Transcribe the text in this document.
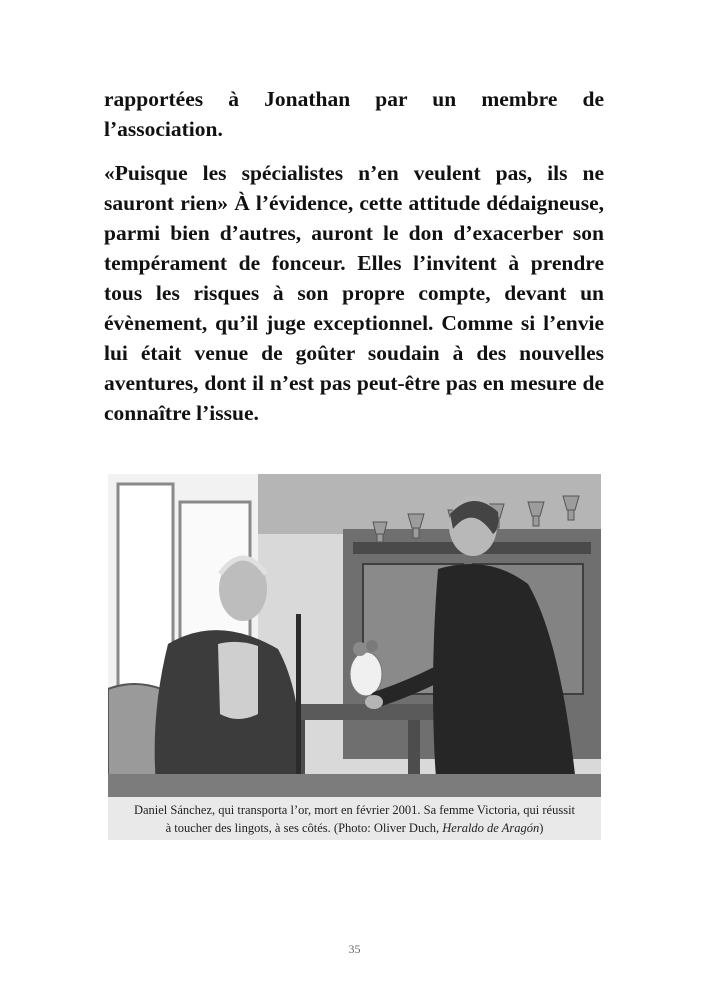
rapportées à Jonathan par un membre de l’association.

«Puisque les spécialistes n’en veulent pas, ils ne sauront rien» À l’évidence, cette attitude dédaigneuse, parmi bien d’autres, auront le don d’exacerber son tempérament de fonceur. Elles l’invitent à prendre tous les risques à son propre compte, devant un évènement, qu’il juge exceptionnel. Comme si l’envie lui était venue de goûter soudain à des nouvelles aventures, dont il n’est pas peut-être pas en mesure de connaître l’issue.

Daniel Sánchez, qui transporta l’or, mort en février 2001. Sa femme Victoria, qui réussit
à toucher des lingots, à ses côtés. (Photo: Oliver Duch, Heraldo de Aragón)
35
